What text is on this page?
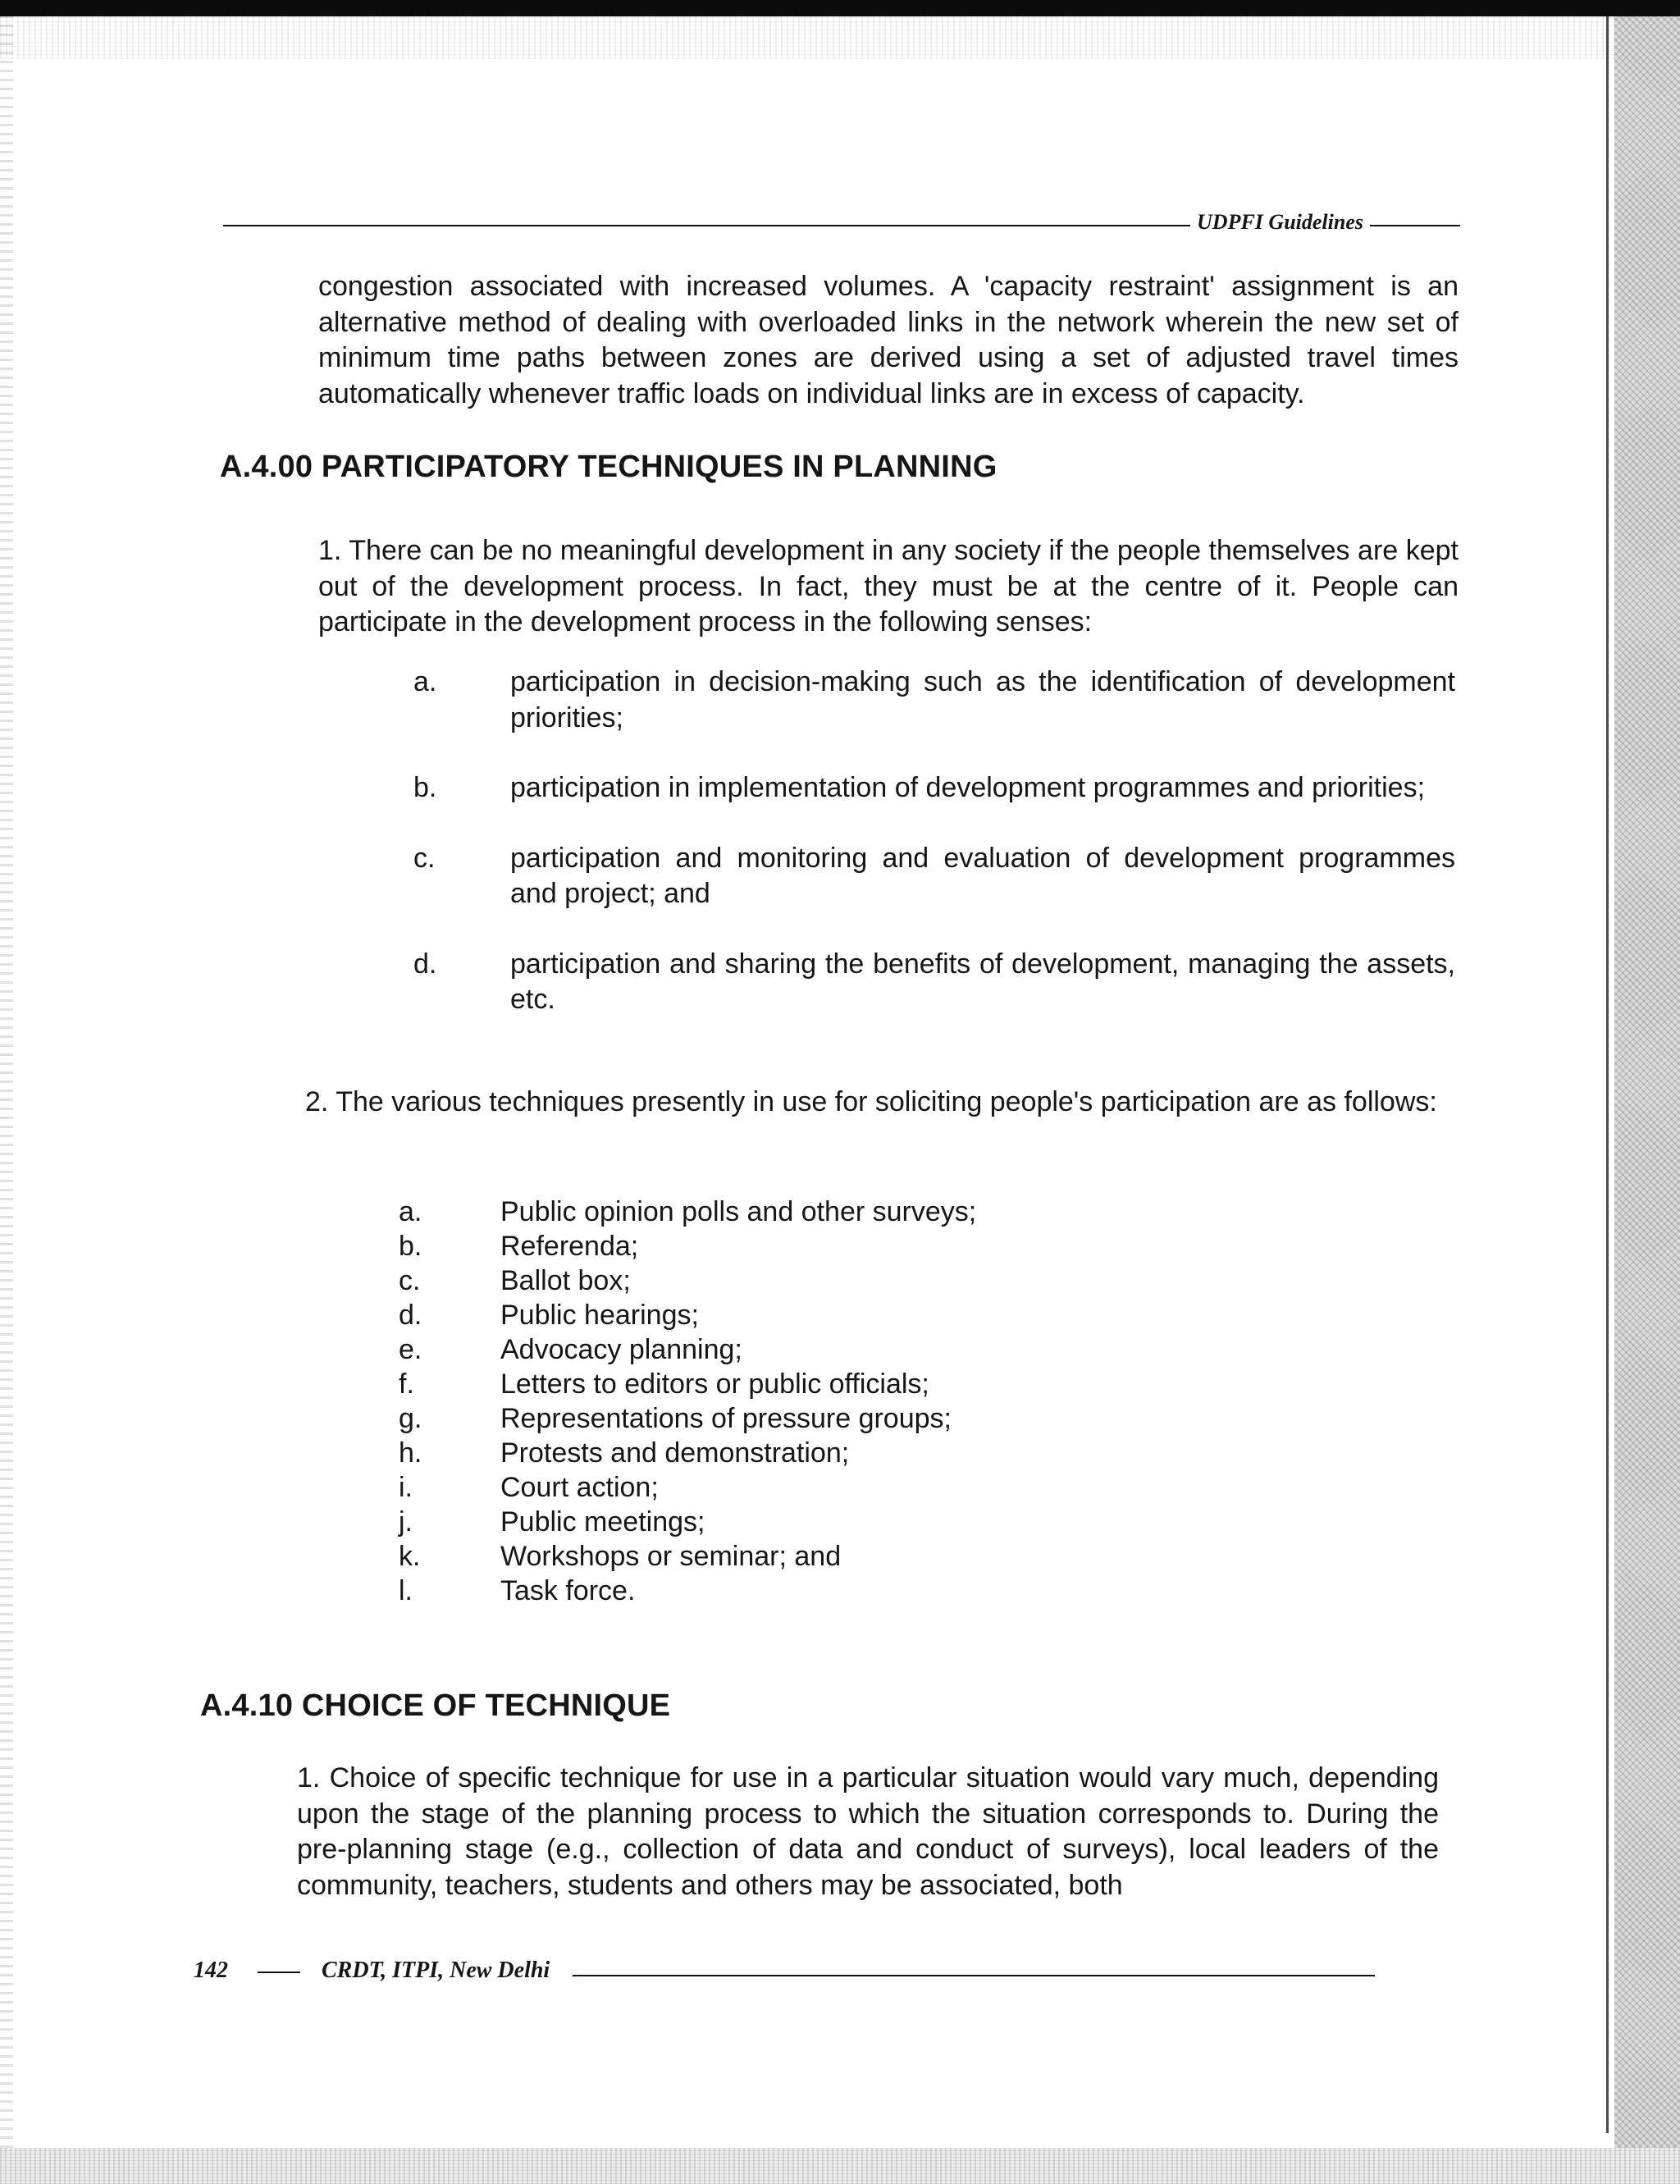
UDPFI Guidelines

congestion associated with increased volumes. A 'capacity restraint' assignment is an alternative method of dealing with overloaded links in the network wherein the new set of minimum time paths between zones are derived using a set of adjusted travel times automatically whenever traffic loads on individual links are in excess of capacity.

A.4.00 PARTICIPATORY TECHNIQUES IN PLANNING

1. There can be no meaningful development in any society if the people themselves are kept out of the development process. In fact, they must be at the centre of it. People can participate in the development process in the following senses:

a.	participation in decision-making such as the identification of development priorities;
b.	participation in implementation of development programmes and priorities;
c.	participation and monitoring and evaluation of development programmes and project; and
d.	participation and sharing the benefits of development, managing the assets, etc.

2. The various techniques presently in use for soliciting people's participation are as follows:

a.	Public opinion polls and other surveys;
b.	Referenda;
c.	Ballot box;
d.	Public hearings;
e.	Advocacy planning;
f.	Letters to editors or public officials;
g.	Representations of pressure groups;
h.	Protests and demonstration;
i.	Court action;
j.	Public meetings;
k.	Workshops or seminar; and
l.	Task force.
A.4.10 CHOICE OF TECHNIQUE

1. Choice of specific technique for use in a particular situation would vary much, depending upon the stage of the planning process to which the situation corresponds to. During the pre-planning stage (e.g., collection of data and conduct of surveys), local leaders of the community, teachers, students and others may be associated, both

142	CRDT, ITPI, New Delhi
